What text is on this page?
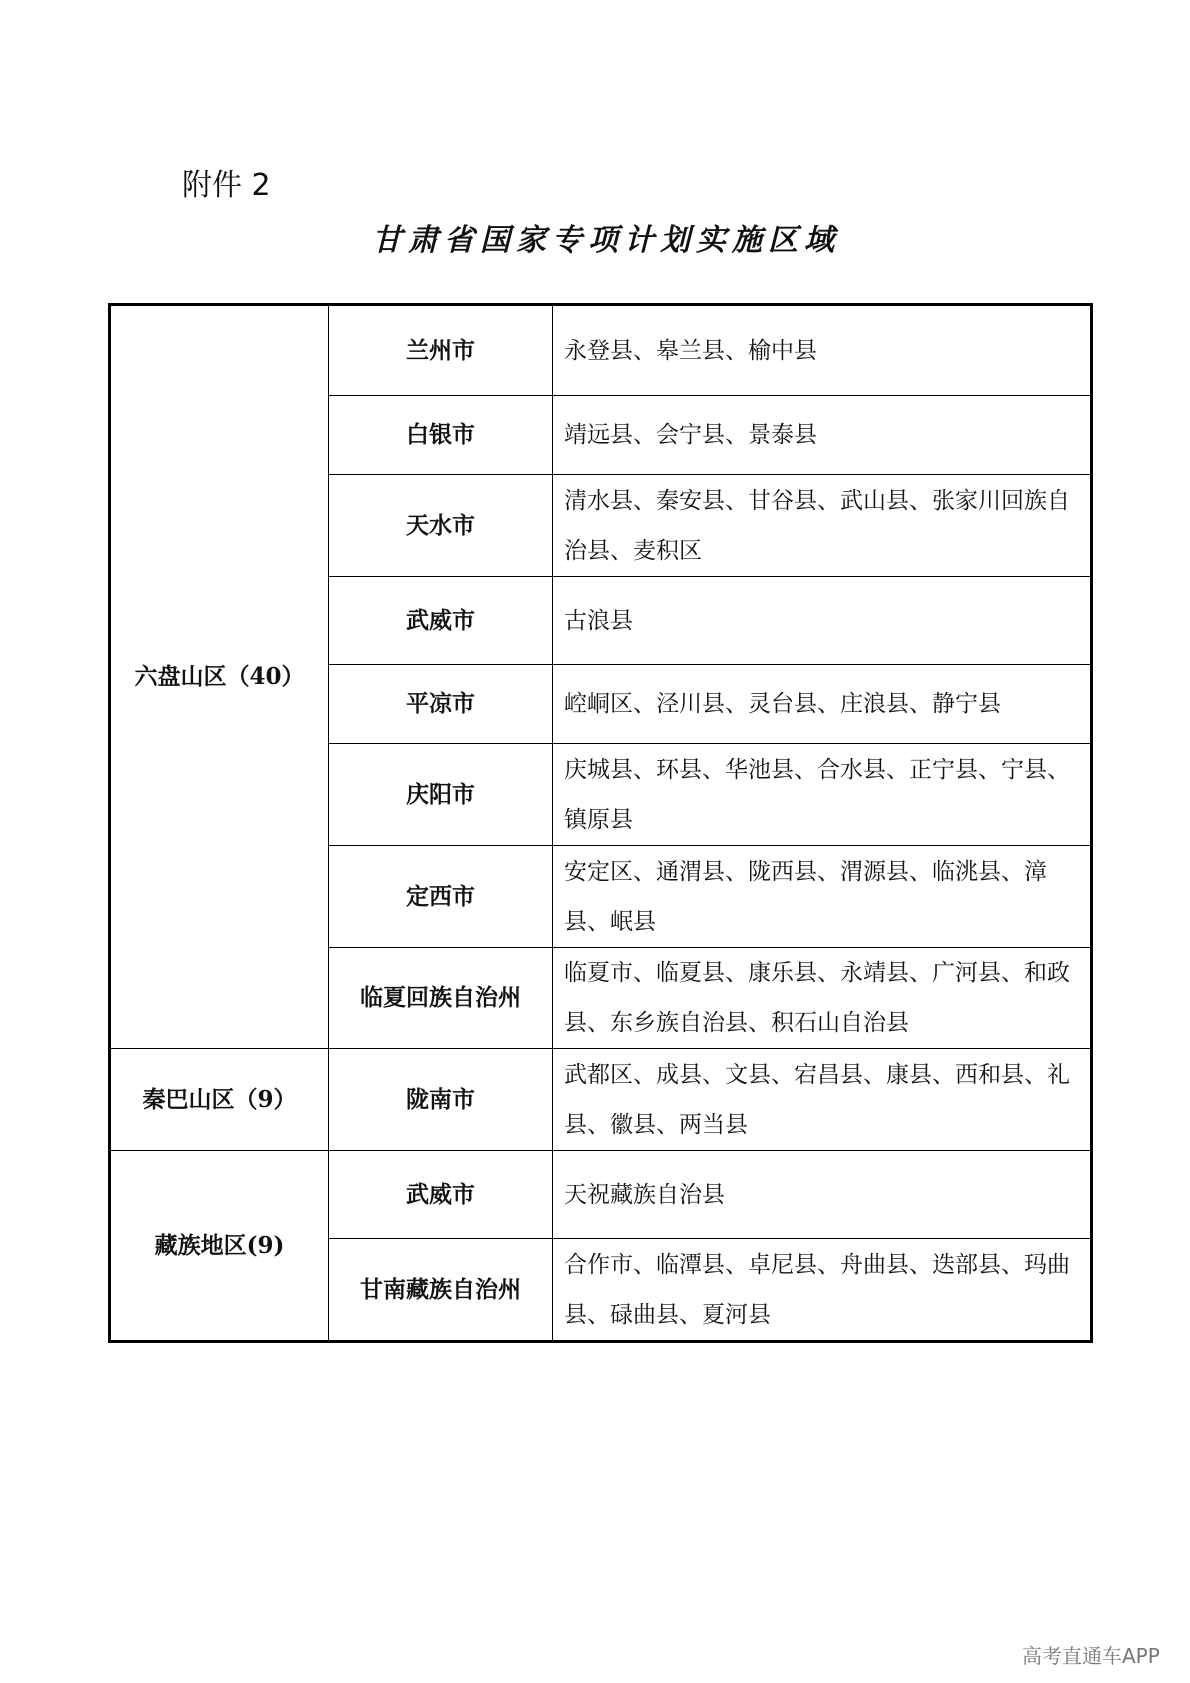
附件 2
甘肃省国家专项计划实施区域
六盘山区（40）	兰州市	永登县、皋兰县、榆中县
	白银市	靖远县、会宁县、景泰县
	天水市	清水县、秦安县、甘谷县、武山县、张家川回族自治县、麦积区
	武威市	古浪县
	平凉市	崆峒区、泾川县、灵台县、庄浪县、静宁县
	庆阳市	庆城县、环县、华池县、合水县、正宁县、宁县、镇原县
	定西市	安定区、通渭县、陇西县、渭源县、临洮县、漳县、岷县
	临夏回族自治州	临夏市、临夏县、康乐县、永靖县、广河县、和政县、东乡族自治县、积石山自治县
秦巴山区（9）	陇南市	武都区、成县、文县、宕昌县、康县、西和县、礼县、徽县、两当县
藏族地区(9)	武威市	天祝藏族自治县
	甘南藏族自治州	合作市、临潭县、卓尼县、舟曲县、迭部县、玛曲县、碌曲县、夏河县
高考直通车APP
